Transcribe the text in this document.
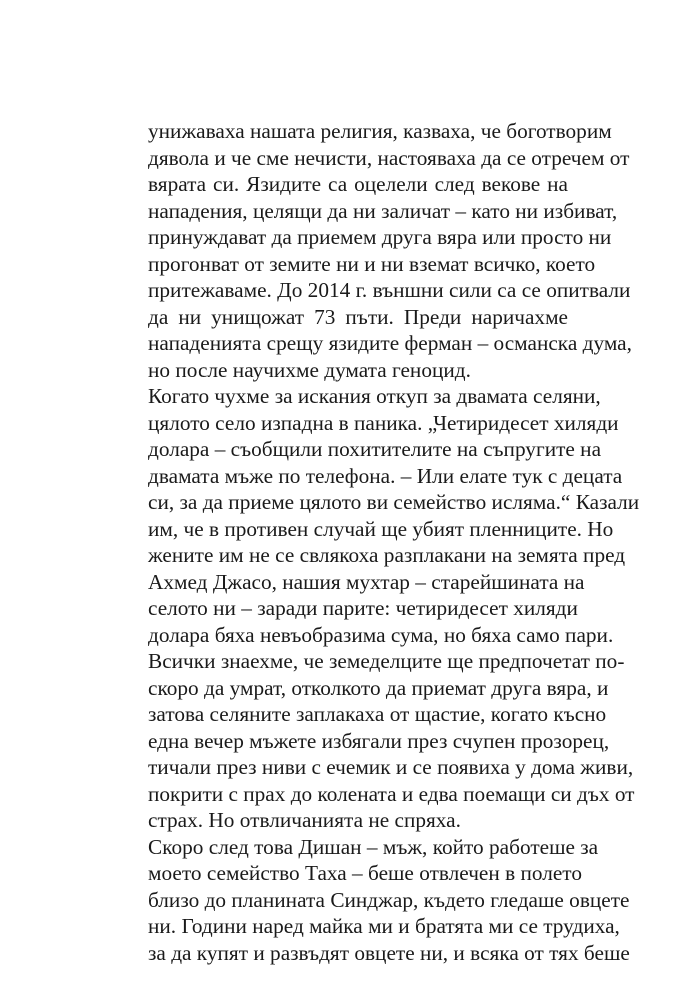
унижаваха нашата религия, казваха, че боготворим
дявола и че сме нечисти, настояваха да се отречем от
вярата си. Язидите са оцелели след векове на
нападения, целящи да ни заличат – като ни избиват,
принуждават да приемем друга вяра или просто ни
прогонват от земите ни и ни вземат всичко, което
притежаваме. До 2014 г. външни сили са се опитвали
да ни унищожат 73 пъти. Преди наричахме
нападенията срещу язидите ферман – османска дума,
но после научихме думата геноцид.
Когато чухме за искания откуп за двамата селяни,
цялото село изпадна в паника. „Четиридесет хиляди
долара – съобщили похитителите на съпругите на
двамата мъже по телефона. – Или елате тук с децата
си, за да приеме цялото ви семейство исляма.“ Казали
им, че в противен случай ще убият пленниците. Но
жените им не се свлякоха разплакани на земята пред
Ахмед Джасо, нашия мухтар – старейшината на
селото ни – заради парите: четиридесет хиляди
долара бяха невъобразима сума, но бяха само пари.
Всички знаехме, че земеделците ще предпочетат по-
скоро да умрат, отколкото да приемат друга вяра, и
затова селяните заплакаха от щастие, когато късно
една вечер мъжете избягали през счупен прозорец,
тичали през ниви с ечемик и се появиха у дома живи,
покрити с прах до колената и едва поемащи си дъх от
страх. Но отвличанията не спряха.
Скоро след това Дишан – мъж, който работеше за
моето семейство Таха – беше отвлечен в полето
близо до планината Синджар, където гледаше овцете
ни. Години наред майка ми и братята ми се трудиха,
за да купят и развъдят овцете ни, и всяка от тях беше
